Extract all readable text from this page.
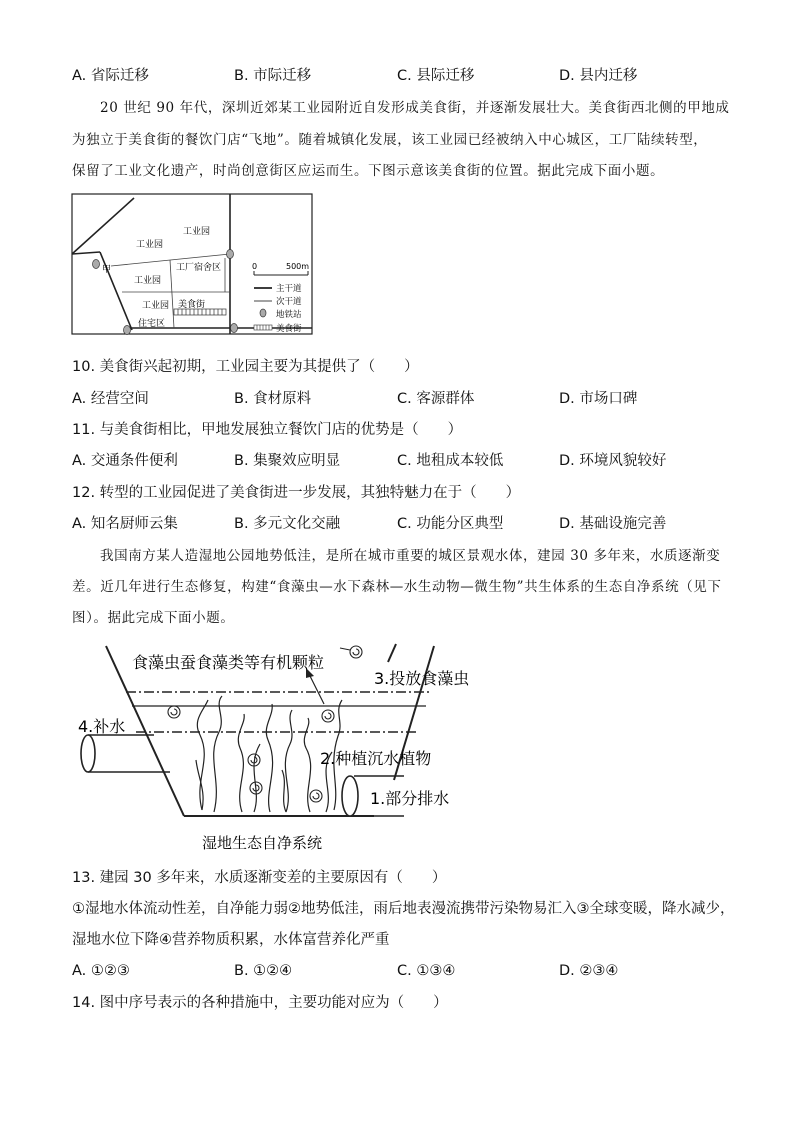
A. 省际迁移	B. 市际迁移	C. 县际迁移	D. 县内迁移
20 世纪 90 年代，深圳近郊某工业园附近自发形成美食街，并逐渐发展壮大。美食街西北侧的甲地成
为独立于美食街的餐饮门店“飞地”。随着城镇化发展，该工业园已经被纳入中心城区，工厂陆续转型，
保留了工业文化遗产，时尚创意街区应运而生。下图示意该美食街的位置。据此完成下面小题。
工业园
工业园
工业园
工业园
工厂宿舍区
甲
美食街
住宅区
0	500m
主干道
次干道
地铁站
美食街
10. 美食街兴起初期，工业园主要为其提供了（　　）
A. 经营空间	B. 食材原料	C. 客源群体	D. 市场口碑
11. 与美食街相比，甲地发展独立餐饮门店的优势是（　　）
A. 交通条件便利	B. 集聚效应明显	C. 地租成本较低	D. 环境风貌较好
12. 转型的工业园促进了美食街进一步发展，其独特魅力在于（　　）
A. 知名厨师云集	B. 多元文化交融	C. 功能分区典型	D. 基础设施完善
我国南方某人造湿地公园地势低洼，是所在城市重要的城区景观水体，建园 30 多年来，水质逐渐变
差。近几年进行生态修复，构建“食藻虫—水下森林—水生动物—微生物”共生体系的生态自净系统（见下
图）。据此完成下面小题。
食藻虫蚕食藻类等有机颗粒
3.投放食藻虫
4.补水
2.种植沉水植物
1.部分排水
湿地生态自净系统
13. 建园 30 多年来，水质逐渐变差的主要原因有（　　）
①湿地水体流动性差，自净能力弱②地势低洼，雨后地表漫流携带污染物易汇入③全球变暖，降水减少，
湿地水位下降④营养物质积累，水体富营养化严重
A. ①②③	B. ①②④	C. ①③④	D. ②③④
14. 图中序号表示的各种措施中，主要功能对应为（　　）
